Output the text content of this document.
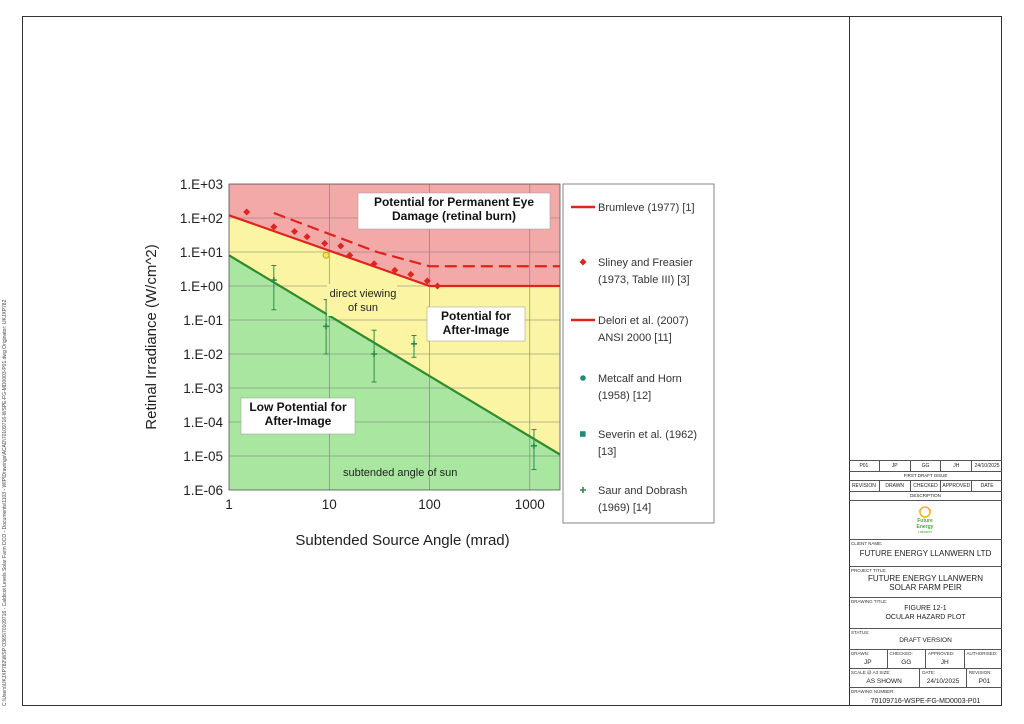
C:\Users\UKJXP782\WSP O365\70109716 - Caldicot Levels Solar Farm DCO - Documents\1103 - WIP\Drawings\ACAD\70109716-WSPE-FG-MD0003-P01.dwg Originator: UKJXP782
Potential for Permanent Eye
Damage (retinal burn)
Potential for
After-Image
Low Potential for
After-Image
direct viewing
of sun
subtended angle of sun
1.E-06
1.E-05
1.E-04
1.E-03
1.E-02
1.E-01
1.E+00
1.E+01
1.E+02
1.E+03
1	10	100	1000
Subtended Source Angle (mrad)
Retinal Irradiance (W/cm^2)
Brumleve (1977) [1]
Sliney and Freasier
(1973, Table III) [3]
Delori et al. (2007)
ANSI 2000 [11]
Metcalf and Horn
(1958) [12]
Severin et al. (1962)
[13]
Saur and Dobrash
(1969) [14]
P01	JP	GG	JH	24/10/2025
FIRST DRAFT ISSUE
REVISION	DRAWN	CHECKED APPROVED	DATE
DESCRIPTION
Future
Energy
Llanwern
CLIENT NAME:
FUTURE ENERGY LLANWERN LTD
PROJECT TITLE:
FUTURE ENERGY LLANWERN
SOLAR FARM PEIR
DRAWING TITLE:
FIGURE 12-1
OCULAR HAZARD PLOT
STATUS:
DRAFT VERSION
DRAWN:
JP
CHECKED:
GG
APPROVED:
JH
AUTHORISED:
SCALE @ A3 SIZE:
AS SHOWN
DATE:
24/10/2025
REVISION:
P01
DRAWING NUMBER:
70109716-WSPE-FG-MD0003-P01
